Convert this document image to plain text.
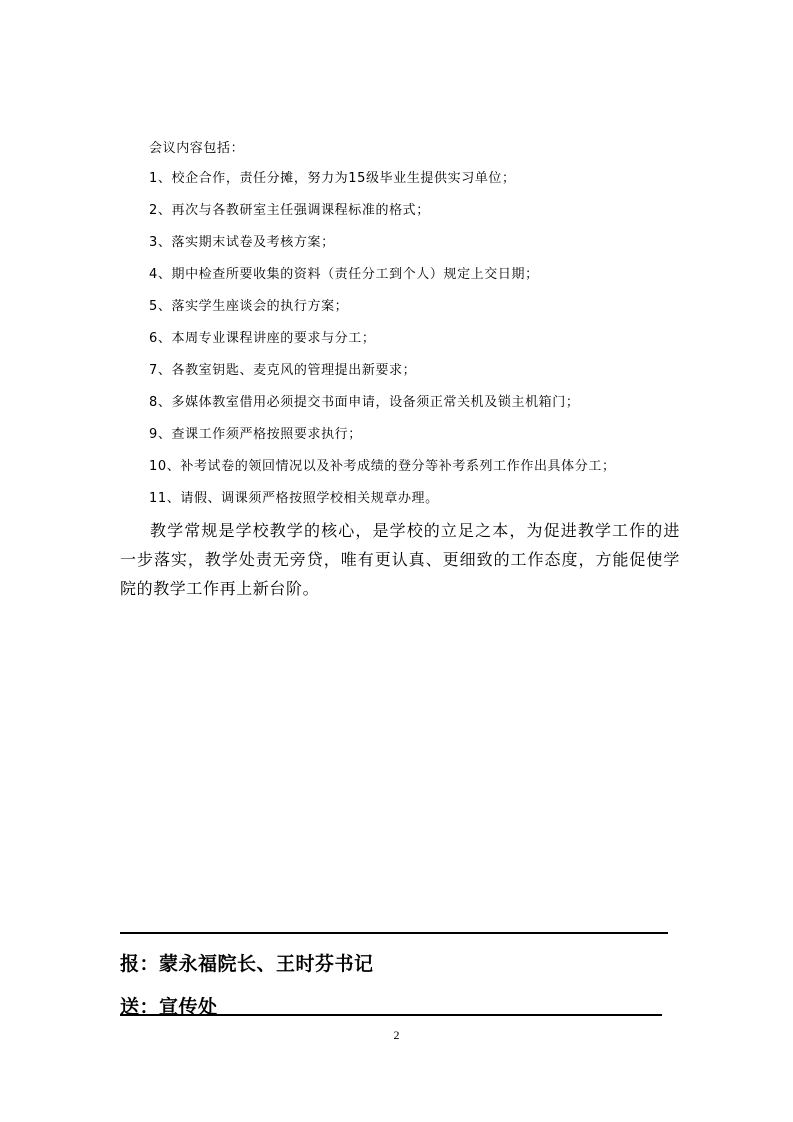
会议内容包括：
1、校企合作，责任分摊，努力为15级毕业生提供实习单位；
2、再次与各教研室主任强调课程标准的格式；
3、落实期末试卷及考核方案；
4、期中检查所要收集的资料（责任分工到个人）规定上交日期；
5、落实学生座谈会的执行方案；
6、本周专业课程讲座的要求与分工；
7、各教室钥匙、麦克风的管理提出新要求；
8、多媒体教室借用必须提交书面申请，设备须正常关机及锁主机箱门；
9、查课工作须严格按照要求执行；
10、补考试卷的领回情况以及补考成绩的登分等补考系列工作作出具体分工；
11、请假、调课须严格按照学校相关规章办理。

教学常规是学校教学的核心，是学校的立足之本，为促进教学工作的进一步落实，教学处责无旁贷，唯有更认真、更细致的工作态度，方能促使学院的教学工作再上新台阶。

报：蒙永福院长、王时芬书记
送：宣传处
2
